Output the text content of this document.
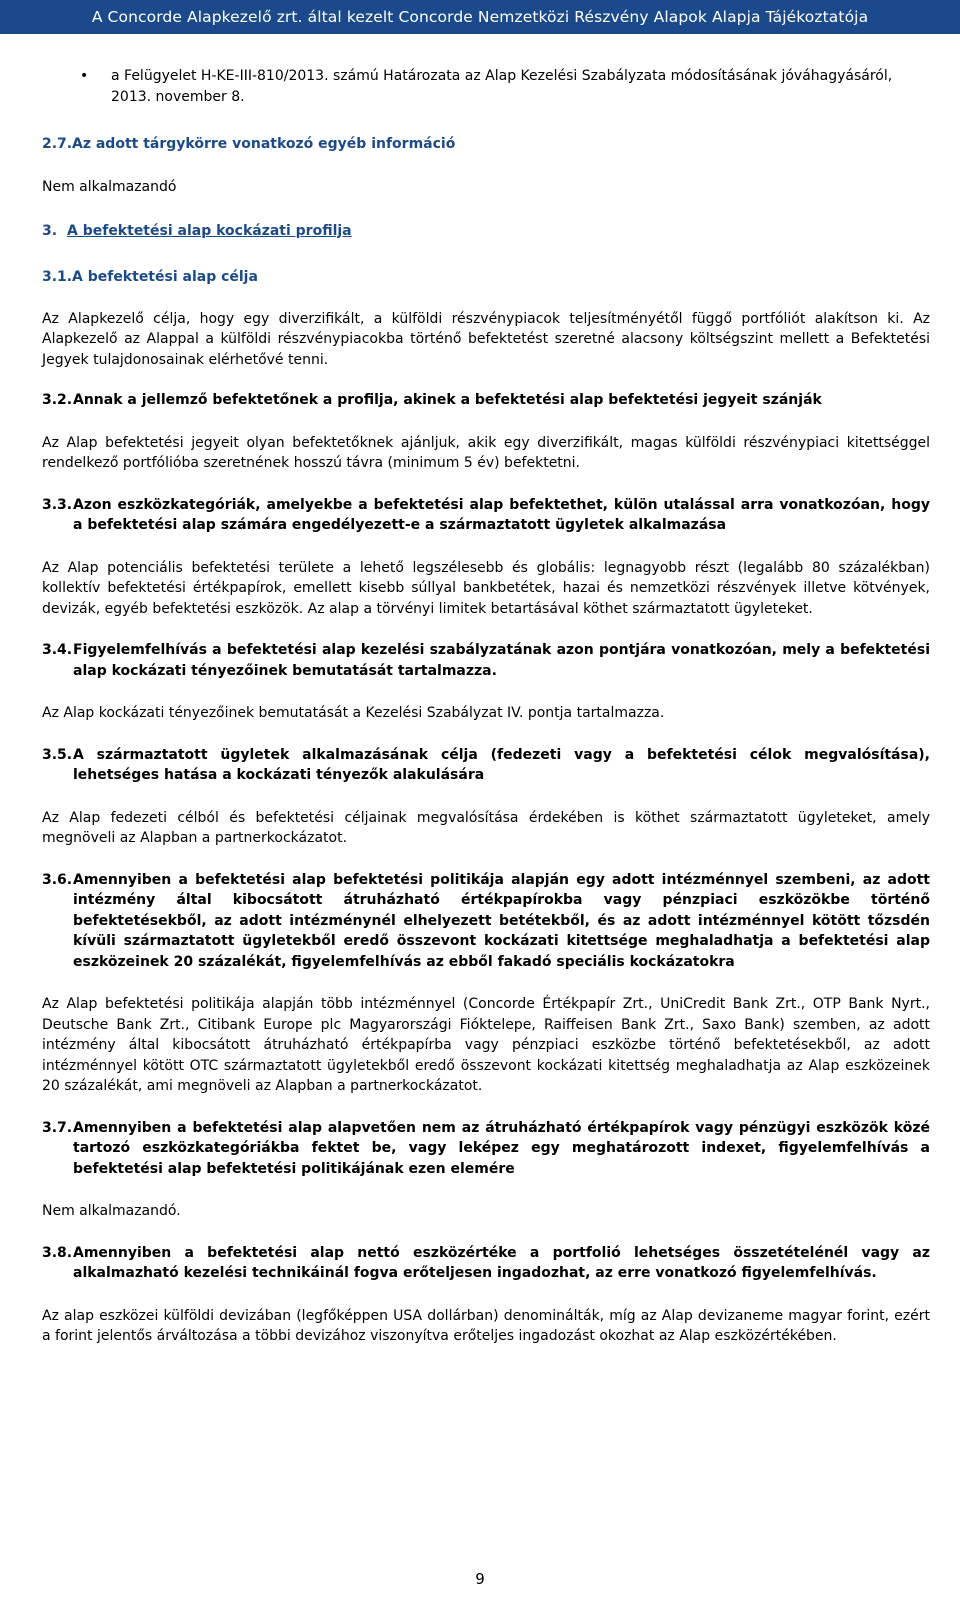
A Concorde Alapkezelő zrt. által kezelt Concorde Nemzetközi Részvény Alapok Alapja Tájékoztatója
•	a Felügyelet H-KE-III-810/2013. számú Határozata az Alap Kezelési Szabályzata módosításának jóváhagyásáról, 2013. november 8.
2.7.Az adott tárgykörre vonatkozó egyéb információ
Nem alkalmazandó
3. A befektetési alap kockázati profilja
3.1.A befektetési alap célja
Az Alapkezelő célja, hogy egy diverzifikált, a külföldi részvénypiacok teljesítményétől függő portfóliót alakítson ki. Az Alapkezelő az Alappal a külföldi részvénypiacokba történő befektetést szeretné alacsony költségszint mellett a Befektetési Jegyek tulajdonosainak elérhetővé tenni.
3.2. Annak a jellemző befektetőnek a profilja, akinek a befektetési alap befektetési jegyeit szánják
Az Alap befektetési jegyeit olyan befektetőknek ajánljuk, akik egy diverzifikált, magas külföldi részvénypiaci kitettséggel rendelkező portfólióba szeretnének hosszú távra (minimum 5 év) befektetni.
3.3. Azon eszközkategóriák, amelyekbe a befektetési alap befektethet, külön utalással arra vonatkozóan, hogy a befektetési alap számára engedélyezett-e a származtatott ügyletek alkalmazása
Az Alap potenciális befektetési területe a lehető legszélesebb és globális: legnagyobb részt (legalább 80 százalékban) kollektív befektetési értékpapírok, emellett kisebb súllyal bankbetétek, hazai és nemzetközi részvények illetve kötvények, devizák, egyéb befektetési eszközök. Az alap a törvényi limitek betartásával köthet származtatott ügyleteket.
3.4. Figyelemfelhívás a befektetési alap kezelési szabályzatának azon pontjára vonatkozóan, mely a befektetési alap kockázati tényezőinek bemutatását tartalmazza.
Az Alap kockázati tényezőinek bemutatását a Kezelési Szabályzat IV. pontja tartalmazza.
3.5. A származtatott ügyletek alkalmazásának célja (fedezeti vagy a befektetési célok megvalósítása), lehetséges hatása a kockázati tényezők alakulására
Az Alap fedezeti célból és befektetési céljainak megvalósítása érdekében is köthet származtatott ügyleteket, amely megnöveli az Alapban a partnerkockázatot.
3.6. Amennyiben a befektetési alap befektetési politikája alapján egy adott intézménnyel szembeni, az adott intézmény által kibocsátott átruházható értékpapírokba vagy pénzpiaci eszközökbe történő befektetésekből, az adott intézménynél elhelyezett betétekből, és az adott intézménnyel kötött tőzsdén kívüli származtatott ügyletekből eredő összevont kockázati kitettsége meghaladhatja a befektetési alap eszközeinek 20 százalékát, figyelemfelhívás az ebből fakadó speciális kockázatokra
Az Alap befektetési politikája alapján több intézménnyel (Concorde Értékpapír Zrt., UniCredit Bank Zrt., OTP Bank Nyrt., Deutsche Bank Zrt., Citibank Europe plc Magyarországi Fióktelepe, Raiffeisen Bank Zrt., Saxo Bank) szemben, az adott intézmény által kibocsátott átruházható értékpapírba vagy pénzpiaci eszközbe történő befektetésekből, az adott intézménnyel kötött OTC származtatott ügyletekből eredő összevont kockázati kitettség meghaladhatja az Alap eszközeinek 20 százalékát, ami megnöveli az Alapban a partnerkockázatot.
3.7. Amennyiben a befektetési alap alapvetően nem az átruházható értékpapírok vagy pénzügyi eszközök közé tartozó eszközkategóriákba fektet be, vagy leképez egy meghatározott indexet, figyelemfelhívás a befektetési alap befektetési politikájának ezen elemére
Nem alkalmazandó.
3.8. Amennyiben a befektetési alap nettó eszközértéke a portfolió lehetséges összetételénél vagy az alkalmazható kezelési technikáinál fogva erőteljesen ingadozhat, az erre vonatkozó figyelemfelhívás.
Az alap eszközei külföldi devizában (legfőképpen USA dollárban) denominálták, míg az Alap devizaneme magyar forint, ezért a forint jelentős árváltozása a többi devizához viszonyítva erőteljes ingadozást okozhat az Alap eszközértékében.
9
